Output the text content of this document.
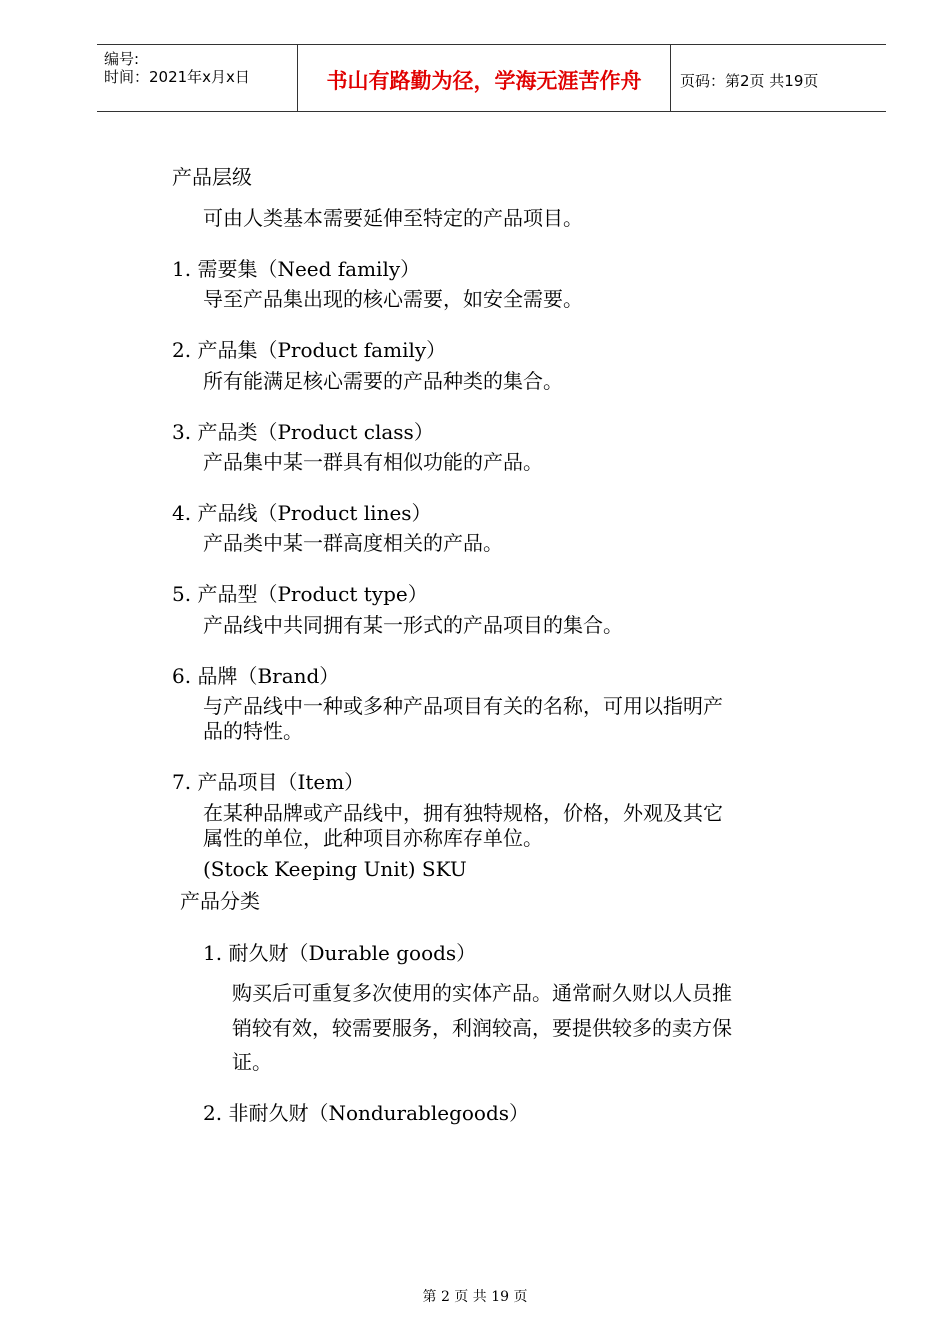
编号:
时间：2021年x月x日	书山有路勤为径，学海无涯苦作舟	页码：第2页 共19页
产品层级
可由人类基本需要延伸至特定的产品项目。
1. 需要集（Need family）
导至产品集出现的核心需要，如安全需要。
2. 产品集（Product family）
所有能满足核心需要的产品种类的集合。
3. 产品类（Product class）
产品集中某一群具有相似功能的产品。
4. 产品线（Product lines）
产品类中某一群高度相关的产品。
5. 产品型（Product type）
产品线中共同拥有某一形式的产品项目的集合。
6. 品牌（Brand）
与产品线中一种或多种产品项目有关的名称，可用以指明产
品的特性。
7. 产品项目（Item）
在某种品牌或产品线中，拥有独特规格，价格，外观及其它
属性的单位，此种项目亦称库存单位。
(Stock Keeping Unit) SKU
产品分类
1. 耐久财（Durable goods）
购买后可重复多次使用的实体产品。通常耐久财以人员推
销较有效，较需要服务，利润较高，要提供较多的卖方保
证。
2. 非耐久财（Nondurablegoods）
第 2 页 共 19 页
